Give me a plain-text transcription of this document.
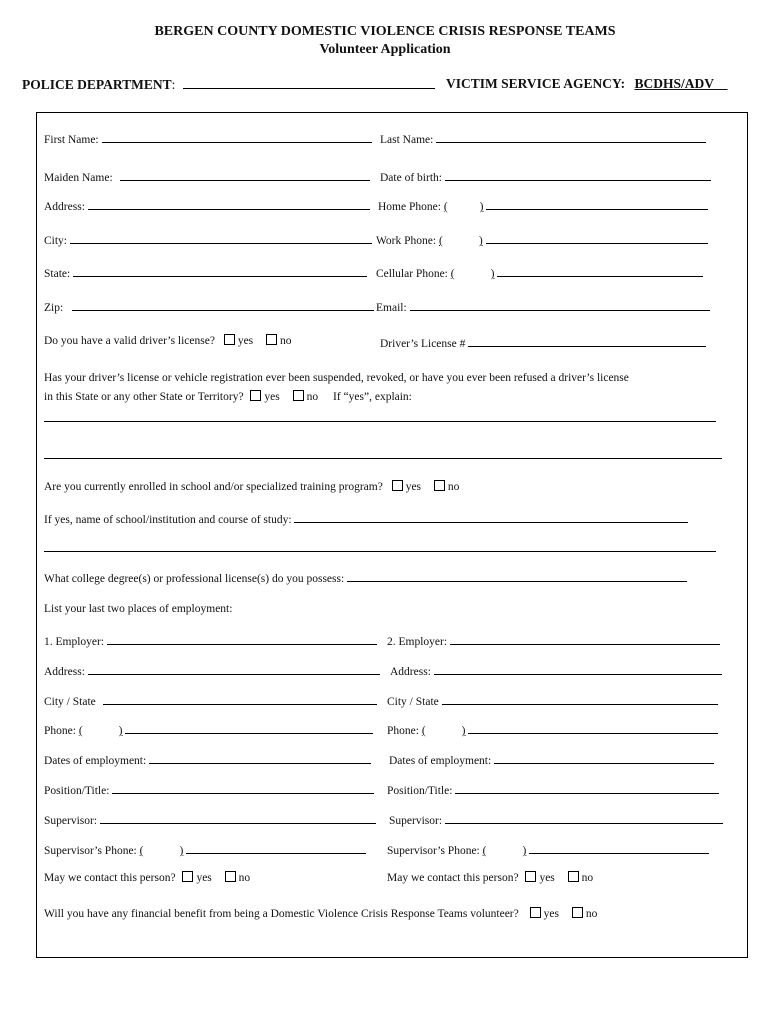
BERGEN COUNTY DOMESTIC VIOLENCE CRISIS RESPONSE TEAMS
Volunteer Application
POLICE DEPARTMENT:	VICTIM SERVICE AGENCY: BCDHS/ADV__
First Name:	Last Name:
Maiden Name:	Date of birth:
Address:	Home Phone: (	)
City:	Work Phone: (	)
State:	Cellular Phone: (	)
Zip:	Email:
Do you have a valid driver’s license? yes no	Driver’s License #
Has your driver’s license or vehicle registration ever been suspended, revoked, or have you ever been refused a driver’s license
in this State or any other State or Territory? yes no If “yes”, explain:
Are you currently enrolled in school and/or specialized training program? yes no
If yes, name of school/institution and course of study:
What college degree(s) or professional license(s) do you possess:
List your last two places of employment:
1. Employer:	2. Employer:
Address:	Address:
City / State	City / State
Phone: (	)	Phone: (	)
Dates of employment:	Dates of employment:
Position/Title:	Position/Title:
Supervisor:	Supervisor:
Supervisor’s Phone: (	)	Supervisor’s Phone: (	)
May we contact this person? yes no	May we contact this person? yes no
Will you have any financial benefit from being a Domestic Violence Crisis Response Teams volunteer? yes no
